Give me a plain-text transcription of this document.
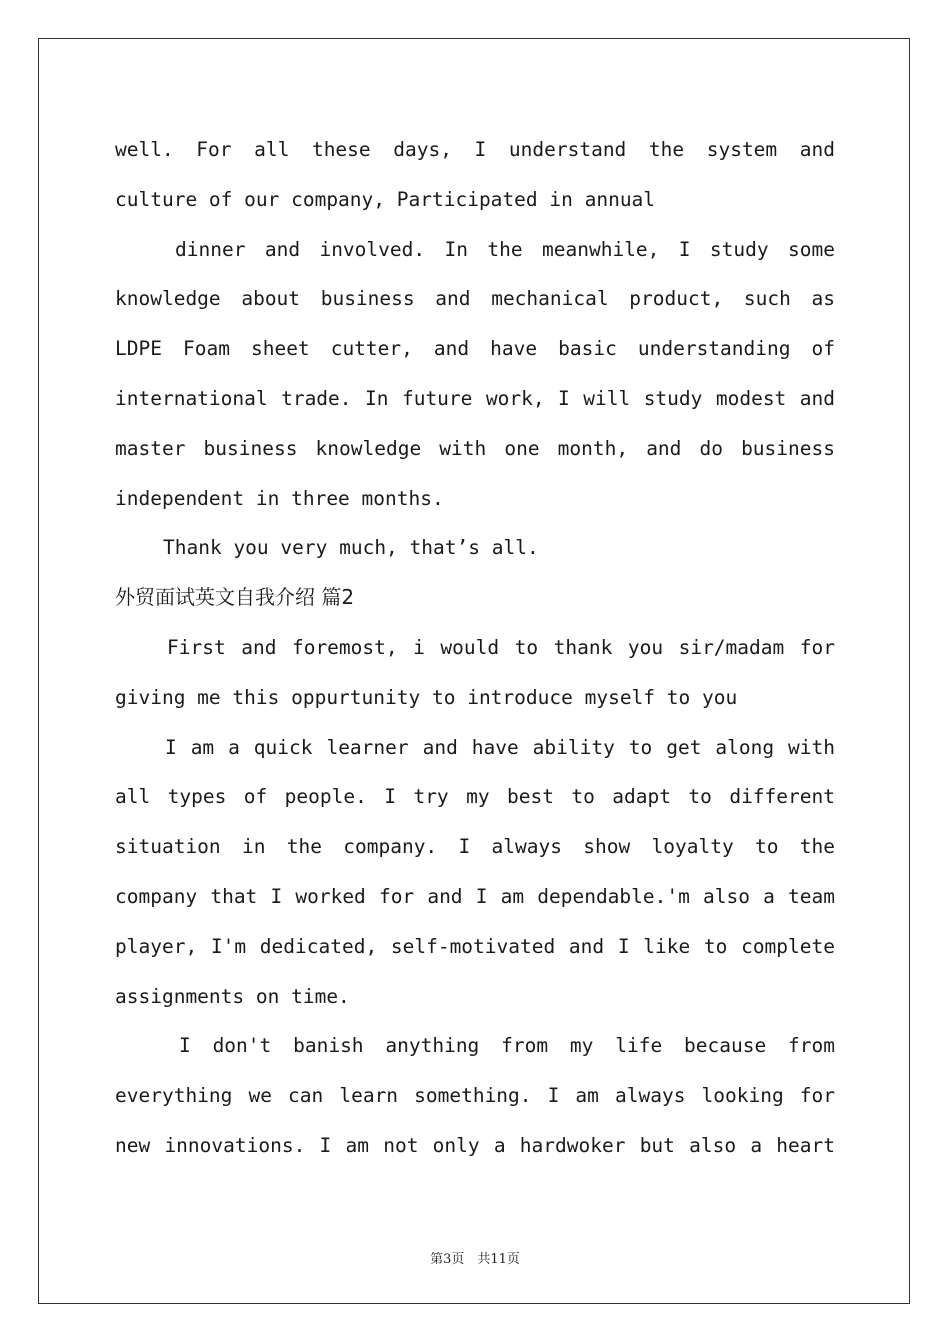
well. For all these days, I understand the system and
culture of our company, Participated in annual
dinner and involved. In the meanwhile, I study some
knowledge about business and mechanical product, such as
LDPE Foam sheet cutter, and have basic understanding of
international trade. In future work, I will study modest and
master business knowledge with one month, and do business
independent in three months.
Thank you very much, that’s all.
外贸面试英文自我介绍 篇2
First and foremost, i would to thank you sir/madam for
giving me this oppurtunity to introduce myself to you
I am a quick learner and have ability to get along with
all types of people. I try my best to adapt to different
situation in the company. I always show loyalty to the
company that I worked for and I am dependable.'m also a team
player, I'm dedicated, self-motivated and I like to complete
assignments on time.
I don't banish anything from my life because from
everything we can learn something. I am always looking for
new innovations. I am not only a hardwoker but also a heart
第3页　共11页
